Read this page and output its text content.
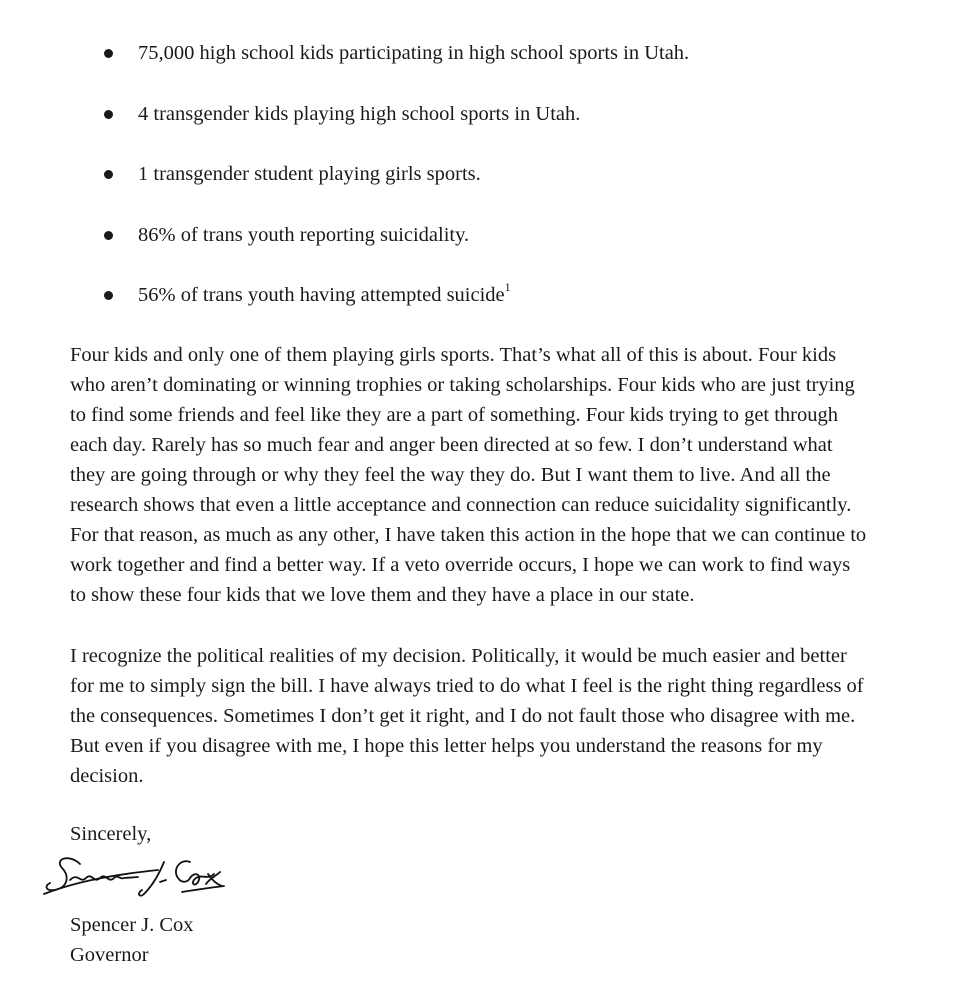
75,000 high school kids participating in high school sports in Utah.
4 transgender kids playing high school sports in Utah.
1 transgender student playing girls sports.
86% of trans youth reporting suicidality.
56% of trans youth having attempted suicide$^1$

Four kids and only one of them playing girls sports. That’s what all of this is about. Four kids
who aren’t dominating or winning trophies or taking scholarships. Four kids who are just trying
to find some friends and feel like they are a part of something. Four kids trying to get through
each day. Rarely has so much fear and anger been directed at so few. I don’t understand what
they are going through or why they feel the way they do. But I want them to live. And all the
research shows that even a little acceptance and connection can reduce suicidality significantly.
For that reason, as much as any other, I have taken this action in the hope that we can continue to
work together and find a better way. If a veto override occurs, I hope we can work to find ways
to show these four kids that we love them and they have a place in our state.

I recognize the political realities of my decision. Politically, it would be much easier and better
for me to simply sign the bill. I have always tried to do what I feel is the right thing regardless of
the consequences. Sometimes I don’t get it right, and I do not fault those who disagree with me.
But even if you disagree with me, I hope this letter helps you understand the reasons for my
decision.

Sincerely,
Spencer J. Cox
Governor
